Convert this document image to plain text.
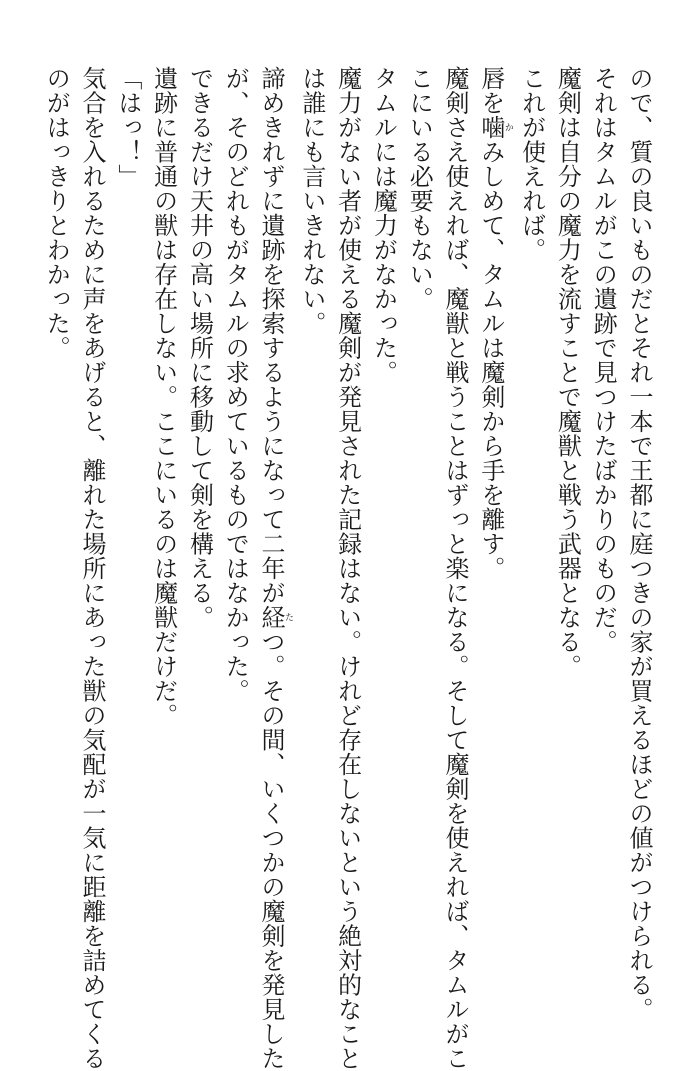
ので、質の良いものだとそれ一本で王都に庭つきの家が買えるほどの値がつけられる。
それはタムルがこの遺跡で見つけたばかりのものだ。
魔剣は自分の魔力を流すことで魔獣と戦う武器となる。
これが使えれば。
唇を噛かみしめて、タムルは魔剣から手を離す。
魔剣さえ使えれば、魔獣と戦うことはずっと楽になる。そして魔剣を使えれば、タムルがこ
こにいる必要もない。
タムルには魔力がなかった。
魔力がない者が使える魔剣が発見された記録はない。けれど存在しないという絶対的なこと
は誰にも言いきれない。
諦めきれずに遺跡を探索するようになって二年が経たつ。その間、いくつかの魔剣を発見した
が、そのどれもがタムルの求めているものではなかった。
できるだけ天井の高い場所に移動して剣を構える。
遺跡に普通の獣は存在しない。ここにいるのは魔獣だけだ。
「はっ！」
気合を入れるために声をあげると、離れた場所にあった獣の気配が一気に距離を詰めてくる
のがはっきりとわかった。
